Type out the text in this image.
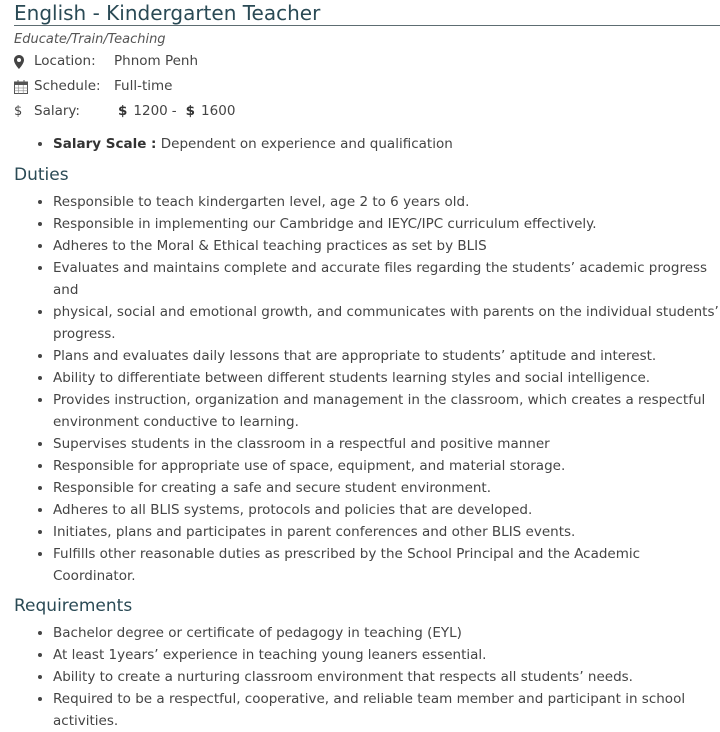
English - Kindergarten Teacher
Educate/Train/Teaching
Location: Phnom Penh
Schedule: Full-time
$ Salary:	$ 1200 - $ 1600
• Salary Scale : Dependent on experience and qualification
Duties
• Responsible to teach kindergarten level, age 2 to 6 years old.
• Responsible in implementing our Cambridge and IEYC/IPC curriculum effectively.
• Adheres to the Moral & Ethical teaching practices as set by BLIS
• Evaluates and maintains complete and accurate files regarding the students’ academic progress and
• physical, social and emotional growth, and communicates with parents on the individual students’ progress.
• Plans and evaluates daily lessons that are appropriate to students’ aptitude and interest.
• Ability to differentiate between different students learning styles and social intelligence.
• Provides instruction, organization and management in the classroom, which creates a respectful environment conductive to learning.
• Supervises students in the classroom in a respectful and positive manner
• Responsible for appropriate use of space, equipment, and material storage.
• Responsible for creating a safe and secure student environment.
• Adheres to all BLIS systems, protocols and policies that are developed.
• Initiates, plans and participates in parent conferences and other BLIS events.
• Fulfills other reasonable duties as prescribed by the School Principal and the Academic Coordinator.
Requirements
• Bachelor degree or certificate of pedagogy in teaching (EYL)
• At least 1years’ experience in teaching young leaners essential.
• Ability to create a nurturing classroom environment that respects all students’ needs.
• Required to be a respectful, cooperative, and reliable team member and participant in school activities.
